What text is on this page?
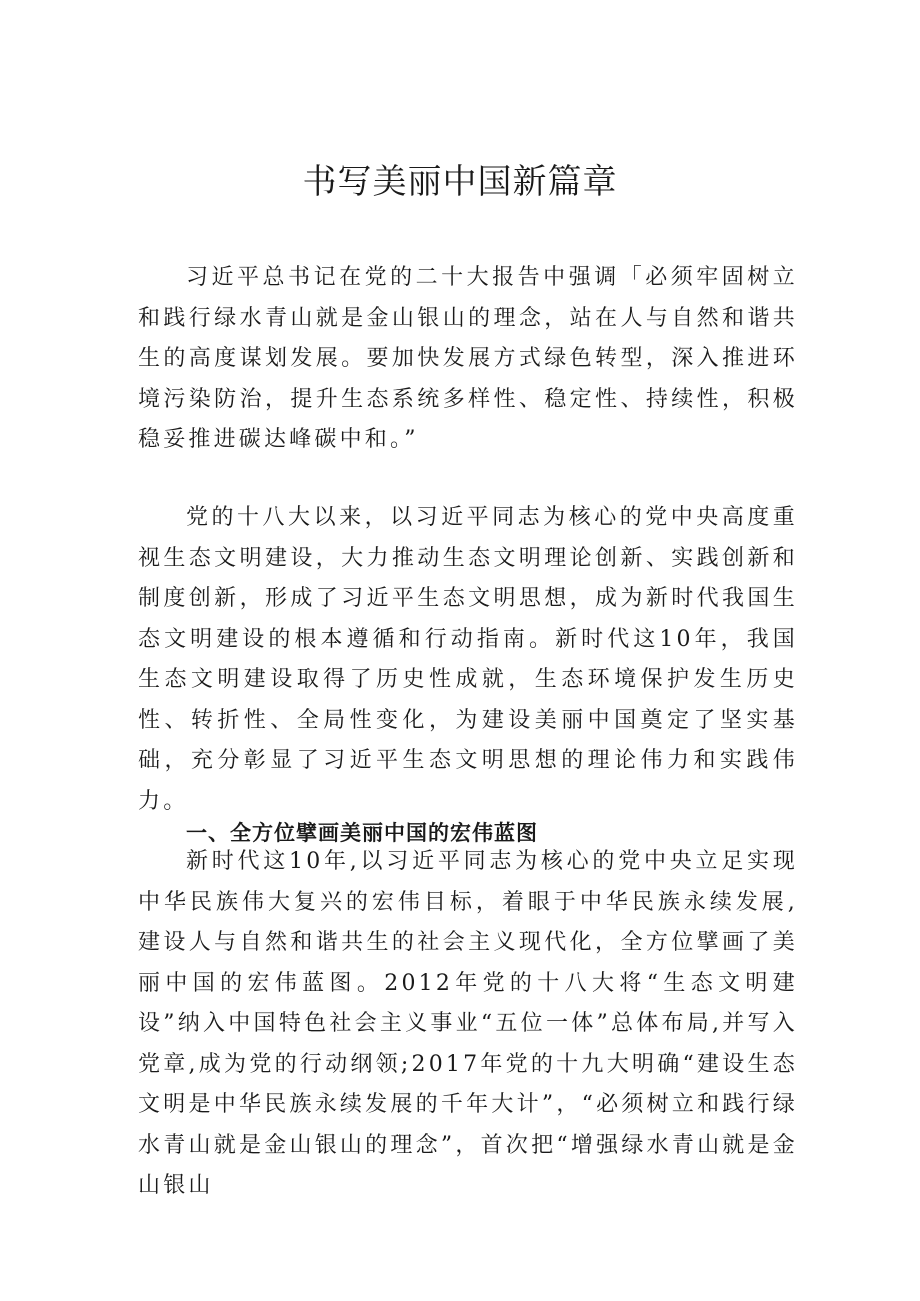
书写美丽中国新篇章

习近平总书记在党的二十大报告中强调「必须牢固树立和践行绿水青山就是金山银山的理念，站在人与自然和谐共生的高度谋划发展。要加快发展方式绿色转型，深入推进环境污染防治，提升生态系统多样性、稳定性、持续性，积极稳妥推进碳达峰碳中和。”

党的十八大以来，以习近平同志为核心的党中央高度重视生态文明建设，大力推动生态文明理论创新、实践创新和制度创新，形成了习近平生态文明思想，成为新时代我国生态文明建设的根本遵循和行动指南。新时代这10年，我国生态文明建设取得了历史性成就，生态环境保护发生历史性、转折性、全局性变化，为建设美丽中国奠定了坚实基础，充分彰显了习近平生态文明思想的理论伟力和实践伟力。

一、全方位擘画美丽中国的宏伟蓝图

新时代这10年,以习近平同志为核心的党中央立足实现中华民族伟大复兴的宏伟目标，着眼于中华民族永续发展,建设人与自然和谐共生的社会主义现代化，全方位擘画了美丽中国的宏伟蓝图。2012年党的十八大将“生态文明建设”纳入中国特色社会主义事业“五位一体”总体布局,并写入党章,成为党的行动纲领;2017年党的十九大明确“建设生态文明是中华民族永续发展的千年大计”，“必须树立和践行绿水青山就是金山银山的理念”，首次把“增强绿水青山就是金山银山
